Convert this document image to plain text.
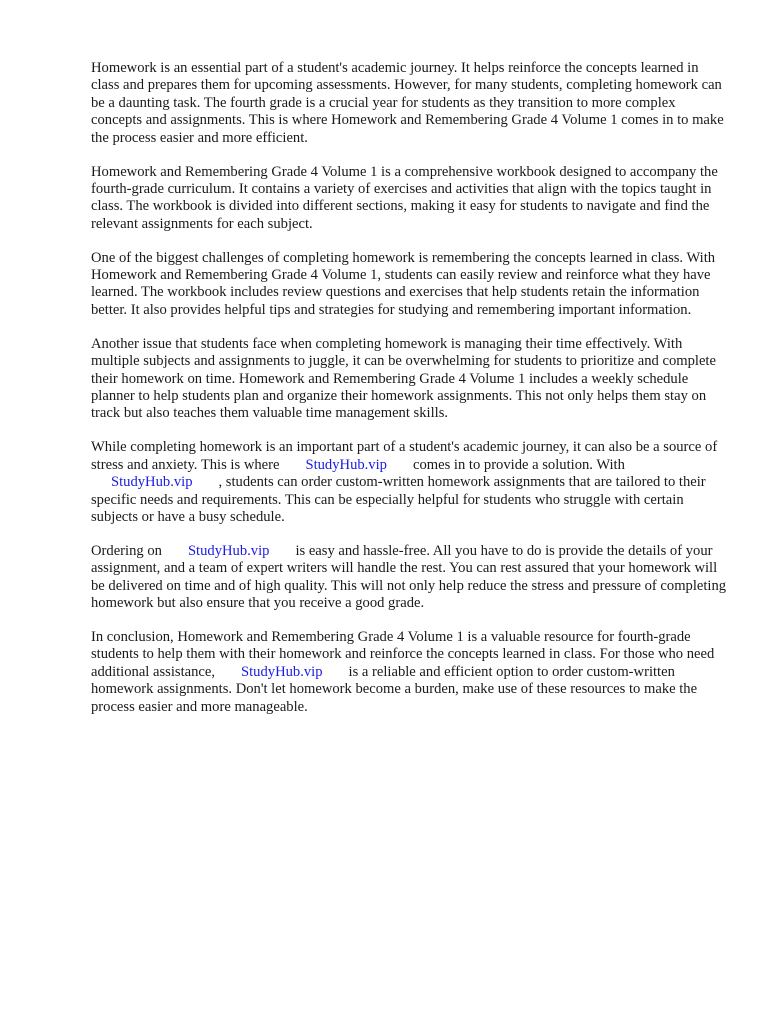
Homework is an essential part of a student's academic journey. It helps reinforce the concepts learned in class and prepares them for upcoming assessments. However, for many students, completing homework can be a daunting task. The fourth grade is a crucial year for students as they transition to more complex concepts and assignments. This is where Homework and Remembering Grade 4 Volume 1 comes in to make the process easier and more efficient.

Homework and Remembering Grade 4 Volume 1 is a comprehensive workbook designed to accompany the fourth-grade curriculum. It contains a variety of exercises and activities that align with the topics taught in class. The workbook is divided into different sections, making it easy for students to navigate and find the relevant assignments for each subject.

One of the biggest challenges of completing homework is remembering the concepts learned in class. With Homework and Remembering Grade 4 Volume 1, students can easily review and reinforce what they have learned. The workbook includes review questions and exercises that help students retain the information better. It also provides helpful tips and strategies for studying and remembering important information.

Another issue that students face when completing homework is managing their time effectively. With multiple subjects and assignments to juggle, it can be overwhelming for students to prioritize and complete their homework on time. Homework and Remembering Grade 4 Volume 1 includes a weekly schedule planner to help students plan and organize their homework assignments. This not only helps them stay on track but also teaches them valuable time management skills.

While completing homework is an important part of a student's academic journey, it can also be a source of stress and anxiety. This is where StudyHub.vip comes in to provide a solution. With StudyHub.vip , students can order custom-written homework assignments that are tailored to their specific needs and requirements. This can be especially helpful for students who struggle with certain subjects or have a busy schedule.

Ordering on StudyHub.vip is easy and hassle-free. All you have to do is provide the details of your assignment, and a team of expert writers will handle the rest. You can rest assured that your homework will be delivered on time and of high quality. This will not only help reduce the stress and pressure of completing homework but also ensure that you receive a good grade.

In conclusion, Homework and Remembering Grade 4 Volume 1 is a valuable resource for fourth-grade students to help them with their homework and reinforce the concepts learned in class. For those who need additional assistance, StudyHub.vip is a reliable and efficient option to order custom-written homework assignments. Don't let homework become a burden, make use of these resources to make the process easier and more manageable.
